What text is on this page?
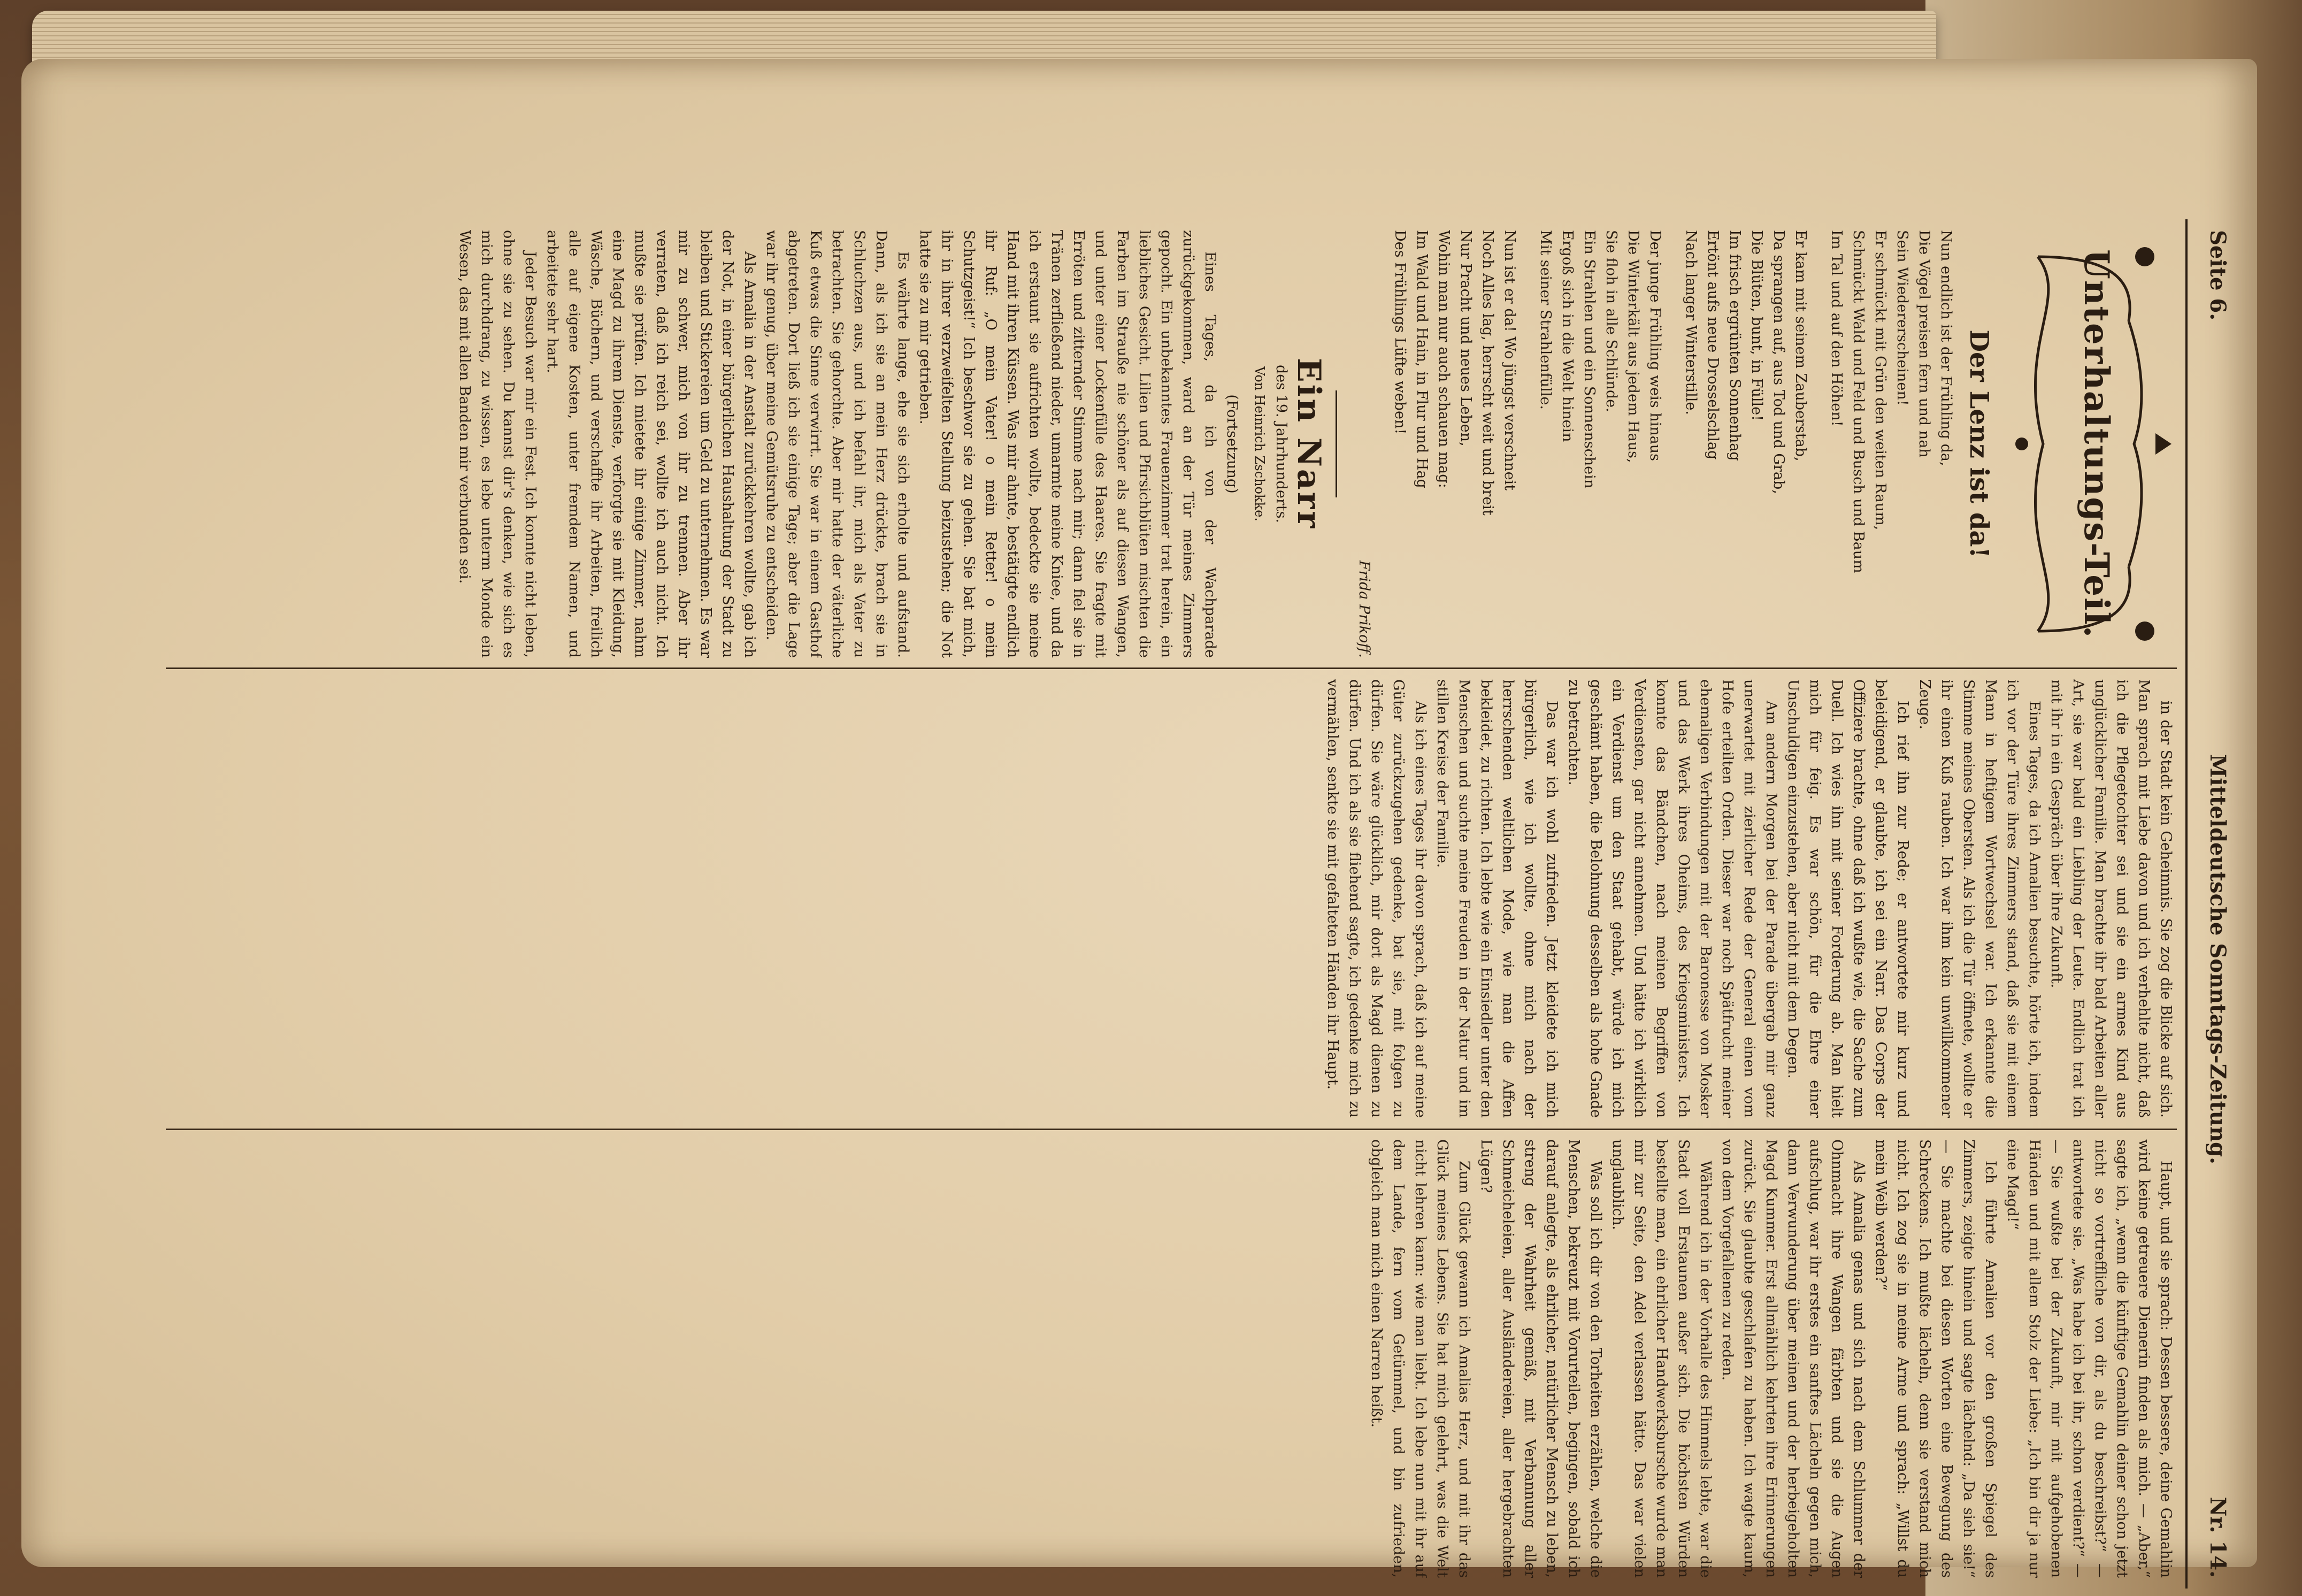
Seite 6.
Mitteldeutsche Sonntags-Zeitung.
Nr. 14.
Unterhaltungs-Teil.
Der Lenz ist da!

Nun endlich ist der Frühling da,

Die Vögel preisen fern und nah

Sein Wiedererscheinen!

Er schmückt mit Grün den weiten Raum,

Schmückt Wald und Feld und Busch und Baum

Im Tal und auf den Höhen!

Er kam mit seinem Zauberstab,

Da sprangen auf, aus Tod und Grab,

Die Blüten, bunt, in Fülle!

Im frisch ergrünten Sonnenhag

Ertönt aufs neue Drosselschlag

Nach langer Winterstille.

Der junge Frühling weis hinaus

Die Winterkält aus jedem Haus,

Sie floh in alle Schlünde.

Ein Strahlen und ein Sonnenschein

Ergoß sich in die Welt hinein

Mit seiner Strahlenfülle.

Nun ist er da! Wo jüngst verschneit

Noch Alles lag, herrscht weit und breit

Nur Pracht und neues Leben,

Wohin man nur auch schauen mag:

Im Wald und Hain, in Flur und Hag

Des Frühlings Lüfte weben!

Frida Prikoff.

Ein Narr

des 19. Jahrhunderts.

Von Heinrich Zschokke.

(Fortsetzung)

Eines Tages, da ich von der Wachparade zurückgekommen, ward an der Tür meines Zimmers gepocht. Ein unbekanntes Frauenzimmer trat herein, ein liebliches Gesicht. Lilien und Pfirsichblüten mischten die Farben im Strauße nie schöner als auf diesen Wangen, und unter einer Lockenfülle des Haares. Sie fragte mit Erröten und zitternder Stimme nach mir; dann fiel sie in Tränen zerfließend nieder, umarmte meine Kniee, und da ich erstaunt sie aufrichten wollte, bedeckte sie meine Hand mit ihren Küssen. Was mir ahnte, bestätigte endlich ihr Ruf: „O mein Vater! o mein Retter! o mein Schutzgeist!“ Ich beschwor sie zu gehen. Sie bat mich, ihr in ihrer verzweifelten Stellung beizustehen; die Not hatte sie zu mir getrieben.

Es währte lange, ehe sie sich erholte und aufstand. Dann, als ich sie an mein Herz drückte, brach sie in Schluchzen aus, und ich befahl ihr, mich als Vater zu betrachten. Sie gehorchte. Aber mir hatte der väterliche Kuß etwas die Sinne verwirrt. Sie war in einem Gasthof abgetreten. Dort ließ ich sie einige Tage; aber die Lage war ihr genug, über meine Gemütsruhe zu entscheiden.

Als Amalia in der Anstalt zurückkehren wollte, gab ich der Not, in einer bürgerlichen Haushaltung der Stadt zu bleiben und Stickereien um Geld zu unternehmen. Es war mir zu schwer, mich von ihr zu trennen. Aber ihr verraten, daß ich reich sei, wollte ich auch nicht. Ich mußte sie prüfen. Ich mietete ihr einige Zimmer, nahm eine Magd zu ihrem Dienste, verforgte sie mit Kleidung, Wäsche, Büchern, und verschaffte ihr Arbeiten, freilich alle auf eigene Kosten, unter fremdem Namen, und arbeitete sehr hart.

Jeder Besuch war mir ein Fest. Ich konnte nicht leben, ohne sie zu sehen. Du kannst dir's denken, wie sich es mich durchdrang, zu wissen, es lebe unterm Monde ein Wesen, das mit allen Banden mir verbunden sei.

in der Stadt kein Geheimnis. Sie zog die Blicke auf sich. Man sprach mit Liebe davon und ich verhehlte nicht, daß ich die Pflegetochter sei und sie ein armes Kind aus unglücklicher Familie. Man brachte ihr bald Arbeiten aller Art, sie war bald ein Liebling der Leute. Endlich trat ich mit ihr in ein Gespräch über ihre Zukunft.

Eines Tages, da ich Amalien besuchte, hörte ich, indem ich vor der Türe ihres Zimmers stand, daß sie mit einem Mann in heftigem Wortwechsel war. Ich erkannte die Stimme meines Obersten. Als ich die Tür öffnete, wollte er ihr einen Kuß rauben. Ich war ihm kein unwillkommener Zeuge.

Ich rief ihn zur Rede; er antwortete mir kurz und beleidigend, er glaubte, ich sei ein Narr. Das Corps der Offiziere brachte, ohne daß ich wußte wie, die Sache zum Duell. Ich wies ihn mit seiner Forderung ab. Man hielt mich für feig. Es war schön, für die Ehre einer Unschuldigen einzustehen, aber nicht mit dem Degen.

Am andern Morgen bei der Parade übergab mir ganz unerwartet mit zierlicher Rede der General einen vom Hofe erteilten Orden. Dieser war noch Spätfrucht meiner ehemaligen Verbindungen mit der Baronesse von Mosker und das Werk ihres Oheims, des Kriegsministers. Ich konnte das Bändchen, nach meinen Begriffen von Verdiensten, gar nicht annehmen. Und hätte ich wirklich ein Verdienst um den Staat gehabt, würde ich mich geschämt haben, die Belohnung desselben als hohe Gnade zu betrachten.

Das war ich wohl zufrieden. Jetzt kleidete ich mich bürgerlich, wie ich wollte, ohne mich nach der herrschenden weltlichen Mode, wie man die Affen bekleidet, zu richten. Ich lebte wie ein Einsiedler unter den Menschen und suchte meine Freuden in der Natur und im stillen Kreise der Familie.

Als ich eines Tages ihr davon sprach, daß ich auf meine Güter zurückzugehen gedenke, bat sie, mit folgen zu dürfen. Sie wäre glücklich, mir dort als Magd dienen zu dürfen. Und ich als sie fliehend sagte, ich gedenke mich zu vermählen, senkte sie mit gefalteten Händen ihr Haupt.

Haupt, und sie sprach: Dessen bessere, deine Gemahlin wird keine getreuere Dienerin finden als mich. — „Aber,“ sagte ich, „wenn die künftige Gemahlin deiner schon jetzt nicht so vortreffliche von dir, als du beschreibst?“ — antwortete sie. „Was habe ich bei ihr, schon verdient?“ — — Sie wußte bei der Zukunft, mir mit aufgehobenen Händen und mit allem Stolz der Liebe: „Ich bin dir ja nur eine Magd!“

Ich führte Amalien vor den großen Spiegel des Zimmers, zeigte hinein und sagte lächelnd: „Da sieh sie!“ — Sie machte bei diesen Worten eine Bewegung des Schreckens. Ich mußte lächeln, denn sie verstand mich nicht. Ich zog sie in meine Arme und sprach: „Willst du mein Weib werden?“

Als Amalia genas und sich nach dem Schlummer der Ohnmacht ihre Wangen färbten und sie die Augen aufschlug, war ihr erstes ein sanftes Lächeln gegen mich, dann Verwunderung über meinen und der herbeigeholten Magd Kummer. Erst allmählich kehrten ihre Erinnerungen zurück. Sie glaubte geschlafen zu haben. Ich wagte kaum, von dem Vorgefallenen zu reden.

Während ich in der Vorhalle des Himmels lebte, war die Stadt voll Erstaunen außer sich. Die höchsten Würden bestellte man, ein ehrlicher Handwerksbursche wurde man mir zur Seite, den Adel verlassen hätte. Das war vielen unglaublich.

Was soll ich dir von den Torheiten erzählen, welche die Menschen, bekreuzt mit Vorurteilen, begingen, sobald ich darauf anlegte, als ehrlicher, natürlicher Mensch zu leben, streng der Wahrheit gemäß, mit Verbannung aller Schmeicheleien, aller Ausländereien, aller hergebrachten Lügen?

Zum Glück gewann ich Amalias Herz, und mit ihr das Glück meines Lebens. Sie hat mich gelehrt, was die Welt nicht lehren kann: wie man liebt. Ich lebe nun mit ihr auf dem Lande, fern vom Getümmel, und bin zufrieden, obgleich man mich einen Narren heißt.
